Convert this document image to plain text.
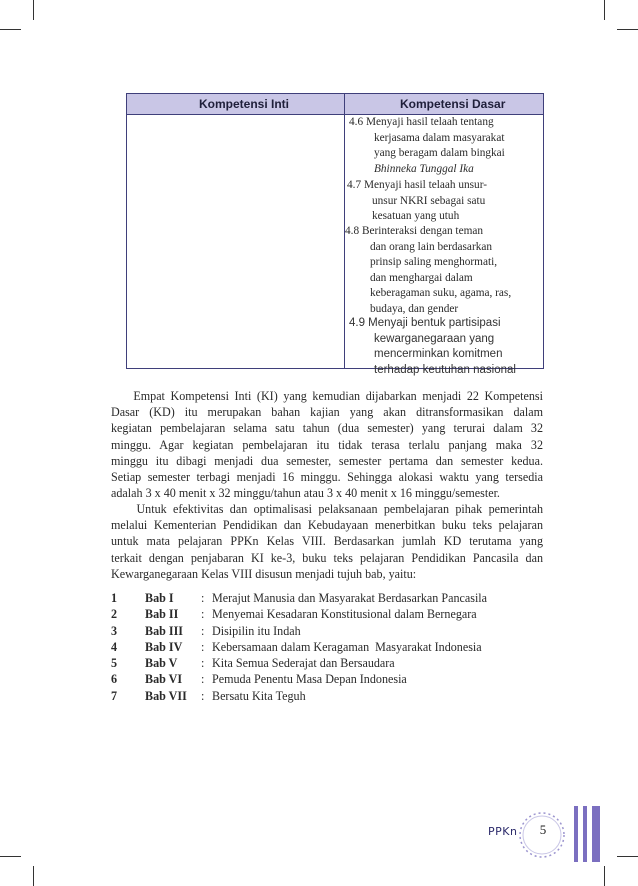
Kompetensi Inti	Kompetensi Dasar
4.6 Menyaji hasil telaah tentang
kerjasama dalam masyarakat
yang beragam dalam bingkai
Bhinneka Tunggal Ika
4.7 Menyaji hasil telaah unsur-
unsur NKRI sebagai satu
kesatuan yang utuh
4.8 Berinteraksi dengan teman
dan orang lain berdasarkan
prinsip saling menghormati,
dan menghargai dalam
keberagaman suku, agama, ras,
budaya, dan gender
4.9 Menyaji bentuk partisipasi
kewarganegaraan yang
mencerminkan komitmen
terhadap keutuhan nasional
Empat Kompetensi Inti (KI) yang kemudian dijabarkan menjadi 22 Kompetensi
Dasar (KD) itu merupakan bahan kajian yang akan ditransformasikan dalam
kegiatan pembelajaran selama satu tahun (dua semester) yang terurai dalam 32
minggu. Agar kegiatan pembelajaran itu tidak terasa terlalu panjang maka 32
minggu itu dibagi menjadi dua semester, semester pertama dan semester kedua.
Setiap semester terbagi menjadi 16 minggu. Sehingga alokasi waktu yang tersedia
adalah 3 x 40 menit x 32 minggu/tahun atau 3 x 40 menit x 16 minggu/semester.
Untuk efektivitas dan optimalisasi pelaksanaan pembelajaran pihak pemerintah
melalui Kementerian Pendidikan dan Kebudayaan menerbitkan buku teks pelajaran
untuk mata pelajaran PPKn Kelas VIII. Berdasarkan jumlah KD terutama yang
terkait dengan penjabaran KI ke-3, buku teks pelajaran Pendidikan Pancasila dan
Kewarganegaraan Kelas VIII disusun menjadi tujuh bab, yaitu:
1 Bab I : Merajut Manusia dan Masyarakat Berdasarkan Pancasila
2 Bab II : Menyemai Kesadaran Konstitusional dalam Bernegara
3 Bab III : Disipilin itu Indah
4 Bab IV : Kebersamaan dalam Keragaman  Masyarakat Indonesia
5 Bab V : Kita Semua Sederajat dan Bersaudara
6 Bab VI : Pemuda Penentu Masa Depan Indonesia
7 Bab VII : Bersatu Kita Teguh
PPKn	5
